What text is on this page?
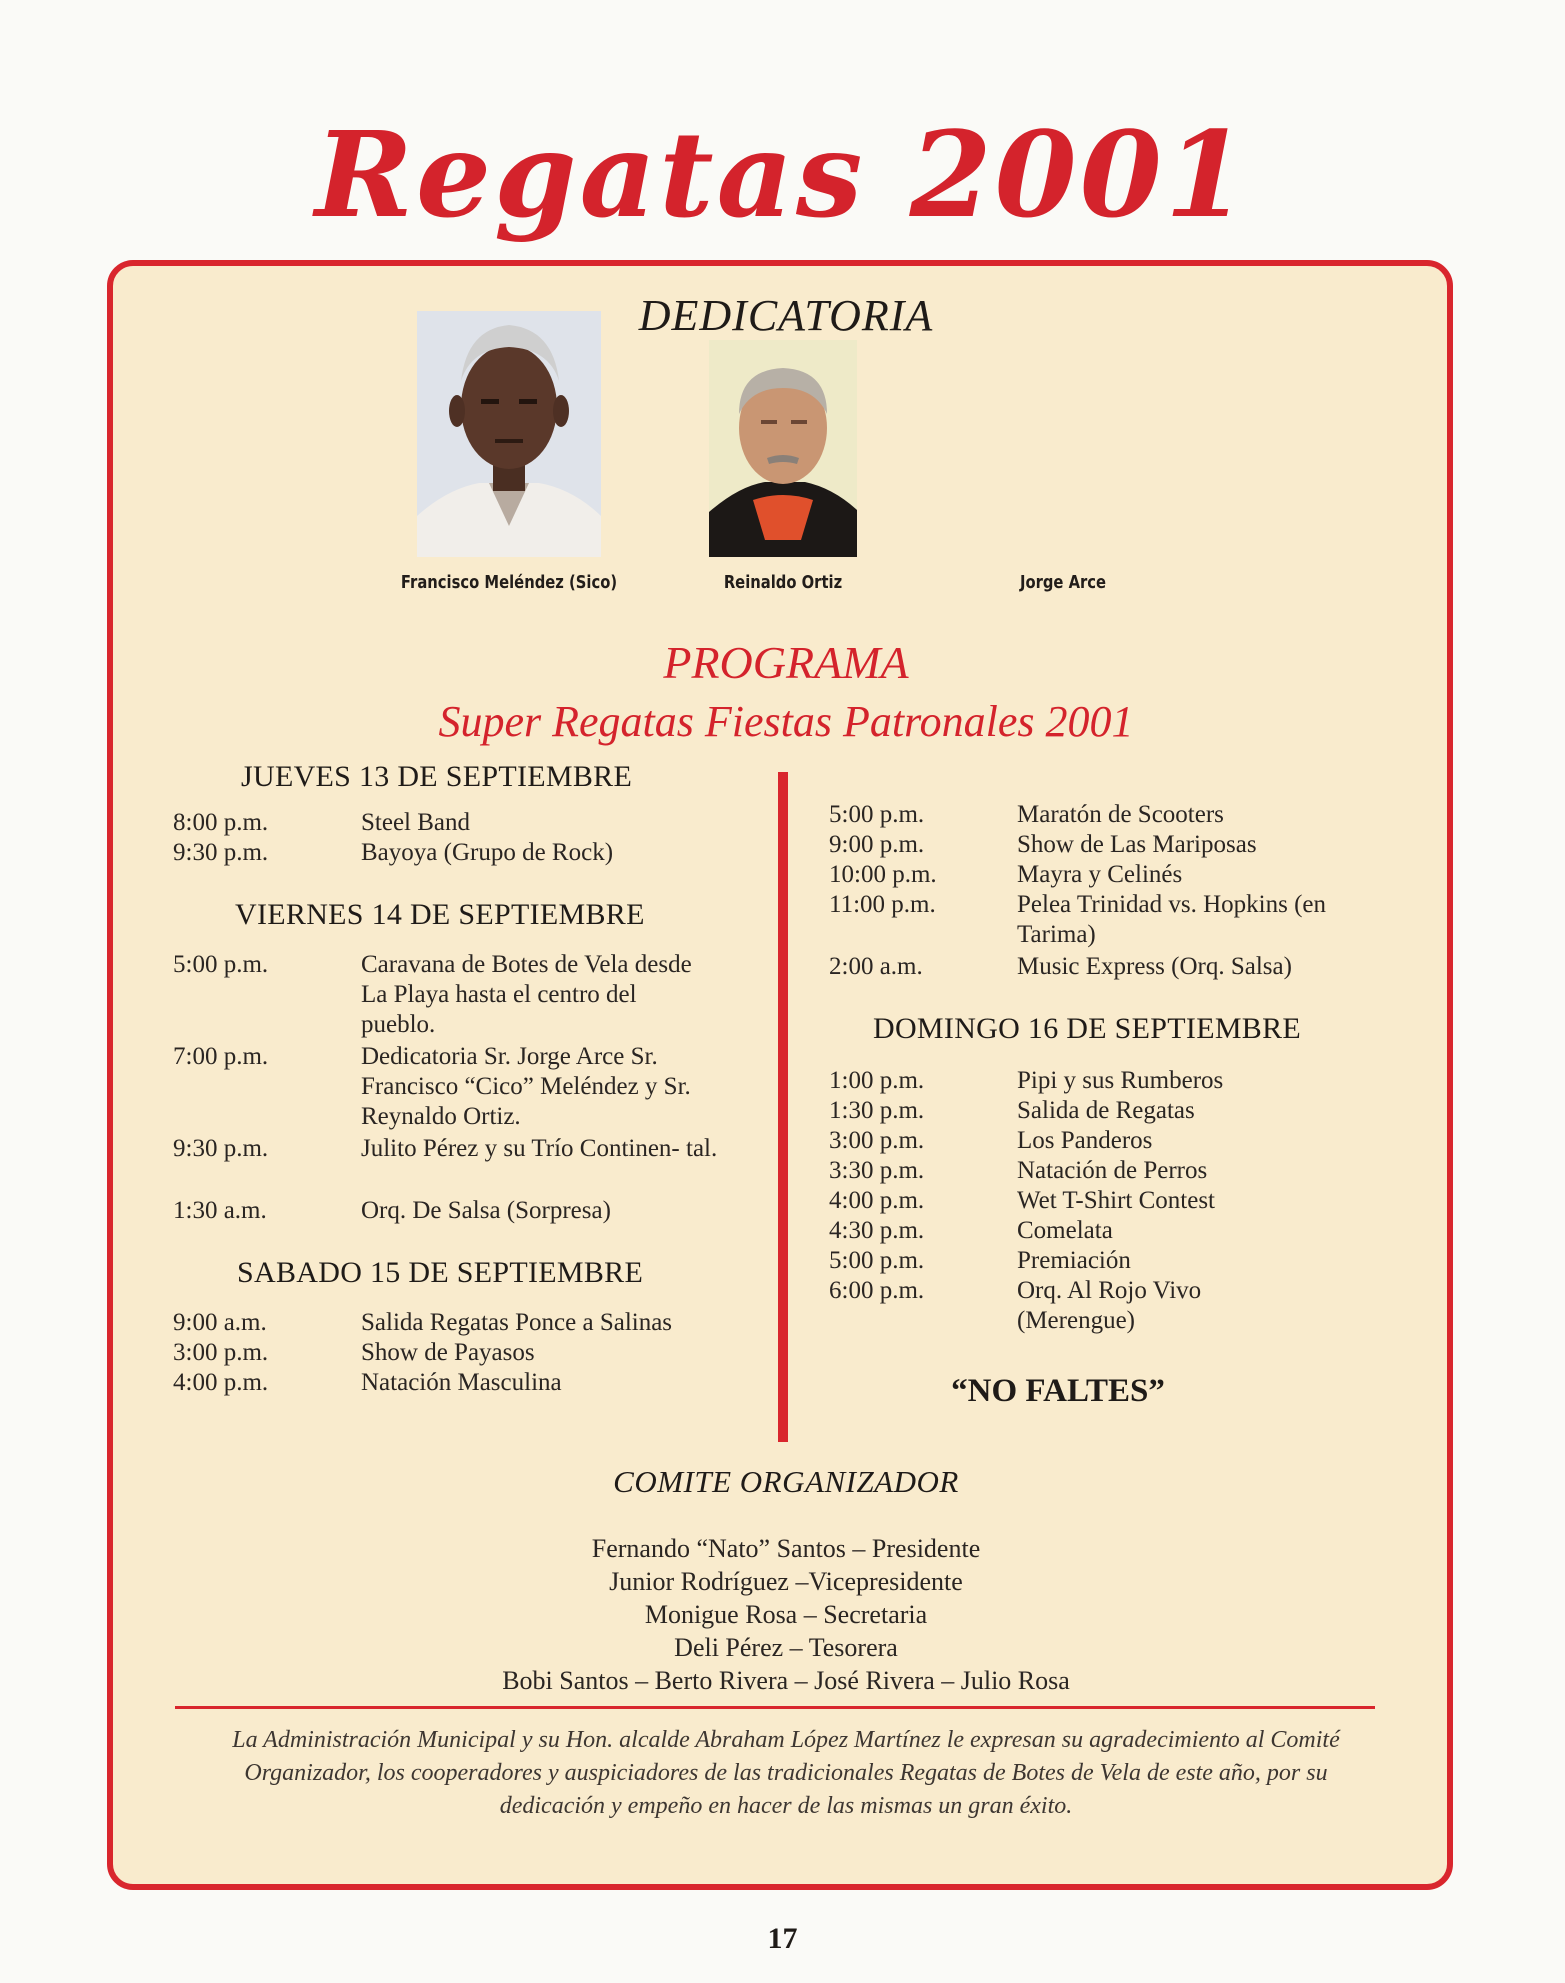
Regatas 2001
DEDICATORIA
Francisco Meléndez (Sico)	Reinaldo Ortiz	Jorge Arce
PROGRAMA
Super Regatas Fiestas Patronales 2001
JUEVES 13 DE SEPTIEMBRE
8:00 p.m.	Steel Band
9:30 p.m.	Bayoya (Grupo de Rock)
VIERNES 14 DE SEPTIEMBRE
5:00 p.m.	Caravana de Botes de Vela desde La Playa hasta el centro del pueblo.
7:00 p.m.	Dedicatoria Sr. Jorge Arce Sr. Francisco “Cico” Meléndez y Sr. Reynaldo Ortiz.
9:30 p.m.	Julito Pérez y su Trío Continen- tal.
1:30 a.m.	Orq. De Salsa (Sorpresa)
SABADO 15 DE SEPTIEMBRE
9:00 a.m.	Salida Regatas Ponce a Salinas
3:00 p.m.	Show de Payasos
4:00 p.m.	Natación Masculina
5:00 p.m.	Maratón de Scooters
9:00 p.m.	Show de Las Mariposas
10:00 p.m.	Mayra y Celinés
11:00 p.m.	Pelea Trinidad vs. Hopkins (en Tarima)
2:00 a.m.	Music Express (Orq. Salsa)
DOMINGO 16 DE SEPTIEMBRE
1:00 p.m.	Pipi y sus Rumberos
1:30 p.m.	Salida de Regatas
3:00 p.m.	Los Panderos
3:30 p.m.	Natación de Perros
4:00 p.m.	Wet T-Shirt Contest
4:30 p.m.	Comelata
5:00 p.m.	Premiación
6:00 p.m.	Orq. Al Rojo Vivo (Merengue)
“NO FALTES”
COMITE ORGANIZADOR
Fernando “Nato” Santos – Presidente
Junior Rodríguez –Vicepresidente
Monigue Rosa – Secretaria
Deli Pérez – Tesorera
Bobi Santos – Berto Rivera – José Rivera – Julio Rosa
La Administración Municipal y su Hon. alcalde Abraham López Martínez le expresan su agradecimiento al Comité Organizador, los cooperadores y auspiciadores de las tradicionales Regatas de Botes de Vela de este año, por su dedicación y empeño en hacer de las mismas un gran éxito.
17
